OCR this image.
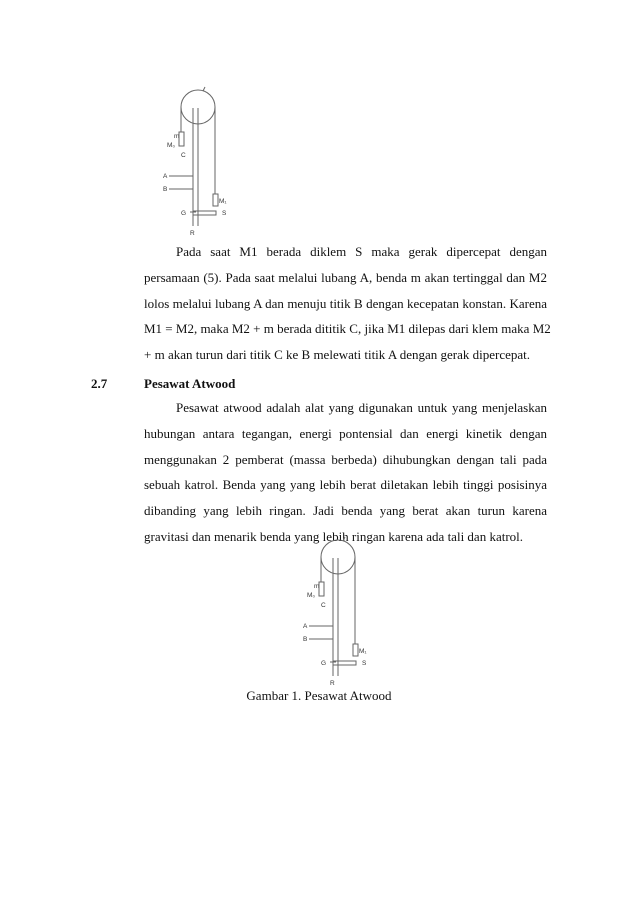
m
M₀
C
A
B
M₁
G	S
R

Pada saat M1 berada diklem S maka gerak dipercepat dengan
persamaan (5). Pada saat melalui lubang A, benda m akan tertinggal dan M2
lolos melalui lubang A dan menuju titik B dengan kecepatan konstan. Karena
M1 = M2, maka M2 + m berada dititik C, jika M1 dilepas dari klem maka M2
+ m akan turun dari titik C ke B melewati titik A dengan gerak dipercepat.

2.7	Pesawat Atwood

Pesawat atwood adalah alat yang digunakan untuk yang menjelaskan
hubungan antara tegangan, energi pontensial dan energi kinetik dengan
menggunakan 2 pemberat (massa berbeda) dihubungkan dengan tali pada
sebuah katrol. Benda yang yang lebih berat diletakan lebih tinggi posisinya
dibanding yang lebih ringan. Jadi benda yang berat akan turun karena
gravitasi dan menarik benda yang lebih ringan karena ada tali dan katrol.

m
M₀
C
A
B
M₁
G	S
R
Gambar 1. Pesawat Atwood
